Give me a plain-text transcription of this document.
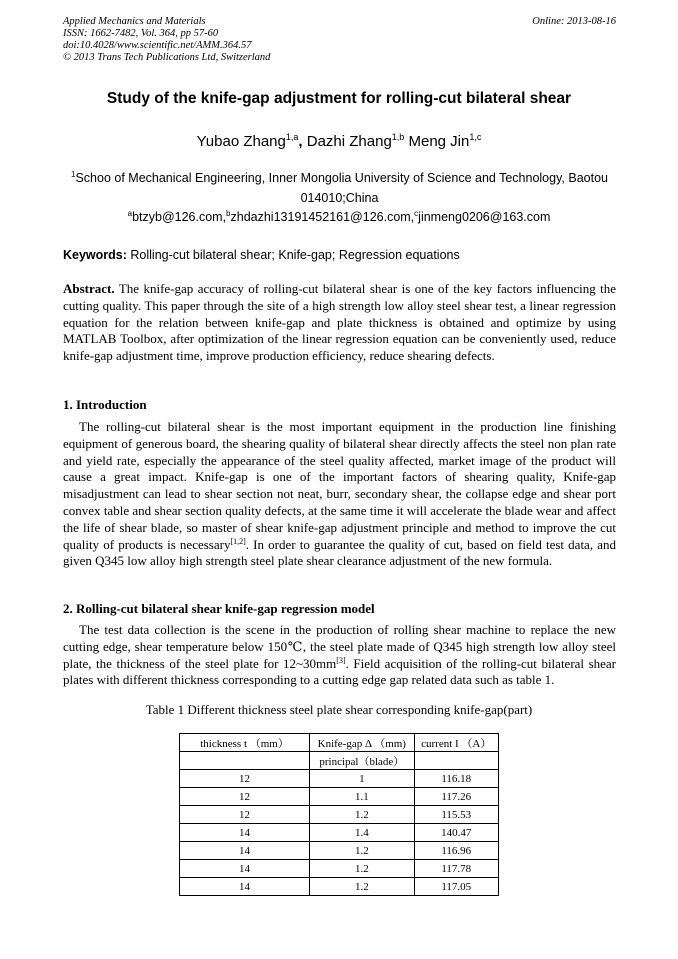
Applied Mechanics and Materials
ISSN: 1662-7482, Vol. 364, pp 57-60
doi:10.4028/www.scientific.net/AMM.364.57
© 2013 Trans Tech Publications Ltd, Switzerland
Online: 2013-08-16
Study of the knife-gap adjustment for rolling-cut bilateral shear
Yubao Zhang$^{1,a}$, Dazhi Zhang$^{1,b}$ Meng Jin$^{1,c}$
$^1$Schoo of Mechanical Engineering, Inner Mongolia University of Science and Technology, Baotou 014010;China
$^a$btzyb@126.com,$^b$zhdazhi13191452161@126.com,$^c$jinmeng0206@163.com
Keywords: Rolling-cut bilateral shear; Knife-gap; Regression equations
Abstract. The knife-gap accuracy of rolling-cut bilateral shear is one of the key factors influencing the cutting quality. This paper through the site of a high strength low alloy steel shear test, a linear regression equation for the relation between knife-gap and plate thickness is obtained and optimize by using MATLAB Toolbox, after optimization of the linear regression equation can be conveniently used, reduce knife-gap adjustment time, improve production efficiency, reduce shearing defects.
1. Introduction
The rolling-cut bilateral shear is the most important equipment in the production line finishing equipment of generous board, the shearing quality of bilateral shear directly affects the steel non plan rate and yield rate, especially the appearance of the steel quality affected, market image of the product will cause a great impact. Knife-gap is one of the important factors of shearing quality, Knife-gap misadjustment can lead to shear section not neat, burr, secondary shear, the collapse edge and shear port convex table and shear section quality defects, at the same time it will accelerate the blade wear and affect the life of shear blade, so master of shear knife-gap adjustment principle and method to improve the cut quality of products is necessary[1,2]. In order to guarantee the quality of cut, based on field test data, and given Q345 low alloy high strength steel plate shear clearance adjustment of the new formula.
2. Rolling-cut bilateral shear knife-gap regression model
The test data collection is the scene in the production of rolling shear machine to replace the new cutting edge, shear temperature below 150℃, the steel plate made of Q345 high strength low alloy steel plate, the thickness of the steel plate for 12~30mm[3]. Field acquisition of the rolling-cut bilateral shear plates with different thickness corresponding to a cutting edge gap related data such as table 1.
Table 1 Different thickness steel plate shear corresponding knife-gap(part)
thickness t （mm）	Knife-gap Δ （mm)	current I （A）
	principal（blade）	
12	1	116.18
12	1.1	117.26
12	1.2	115.53
14	1.4	140.47
14	1.2	116.96
14	1.2	117.78
14	1.2	117.05
